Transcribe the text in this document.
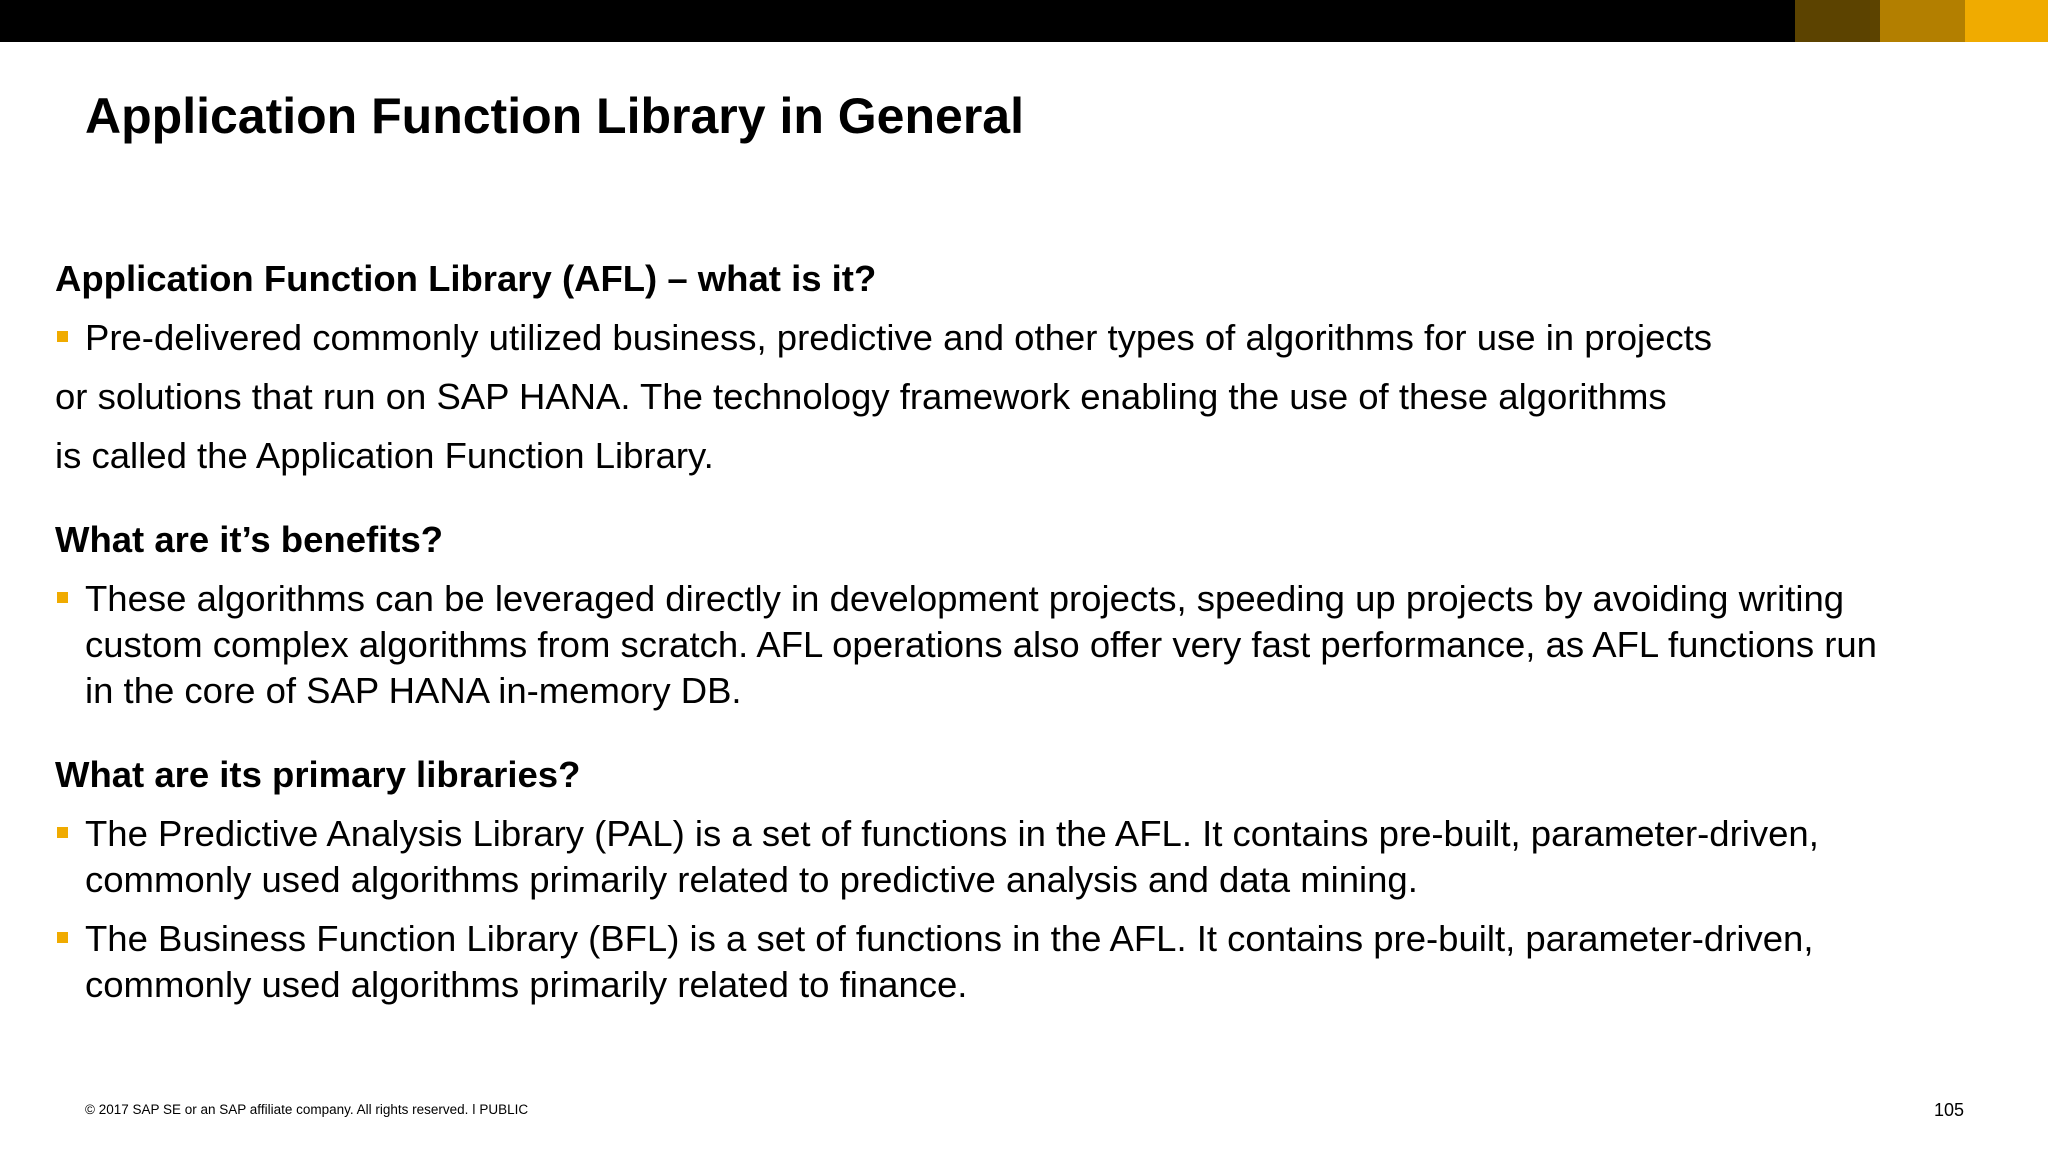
Application Function Library in General
Application Function Library (AFL) – what is it?

Pre-delivered commonly utilized business, predictive and other types of algorithms for use in projects

or solutions that run on SAP HANA. The technology framework enabling the use of these algorithms

is called the Application Function Library.

What are it’s benefits?

These algorithms can be leveraged directly in development projects, speeding up projects by avoiding writing

custom complex algorithms from scratch. AFL operations also offer very fast performance, as AFL functions run

in the core of SAP HANA in-memory DB.

What are its primary libraries?

The Predictive Analysis Library (PAL) is a set of functions in the AFL. It contains pre-built, parameter-driven,

commonly used algorithms primarily related to predictive analysis and data mining.

The Business Function Library (BFL) is a set of functions in the AFL. It contains pre-built, parameter-driven,

commonly used algorithms primarily related to finance.

© 2017 SAP SE or an SAP affiliate company. All rights reserved. ǀ PUBLIC	105
